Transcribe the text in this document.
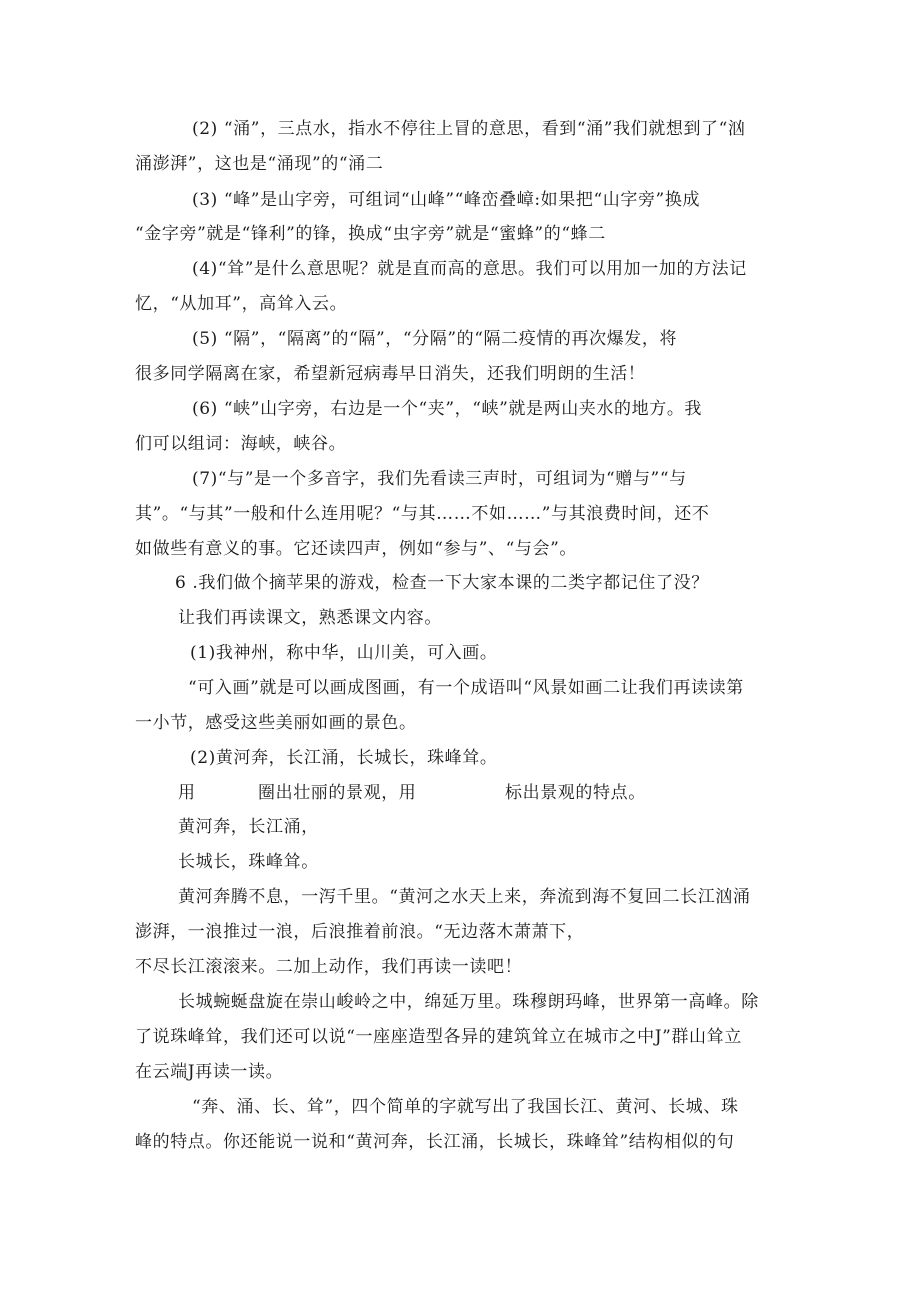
(2) “涌”，三点水，指水不停往上冒的意思，看到“涌”我们就想到了“汹
涌澎湃”，这也是“涌现”的“涌二
(3) “峰”是山字旁，可组词“山峰”“峰峦叠嶂:如果把“山字旁”换成
“金字旁”就是“锋利”的锋，换成“虫字旁”就是“蜜蜂”的“蜂二
(4)“耸”是什么意思呢？就是直而高的意思。我们可以用加一加的方法记
忆，“从加耳”，高耸入云。
(5) “隔”，“隔离”的“隔”，“分隔”的“隔二疫情的再次爆发，将
很多同学隔离在家，希望新冠病毒早日消失，还我们明朗的生活！
(6) “峡”山字旁，右边是一个“夹”，“峡”就是两山夹水的地方。我
们可以组词：海峡，峡谷。
(7)“与”是一个多音字，我们先看读三声时，可组词为“赠与”“与
其”。“与其”一般和什么连用呢？“与其……不如……”与其浪费时间，还不
如做些有意义的事。它还读四声，例如“参与”、“与会”。
6 .我们做个摘苹果的游戏，检查一下大家本课的二类字都记住了没？
让我们再读课文，熟悉课文内容。
(1)我神州，称中华，山川美，可入画。
“可入画”就是可以画成图画，有一个成语叫“风景如画二让我们再读读第
一小节，感受这些美丽如画的景色。
(2)黄河奔，长江涌，长城长，珠峰耸。
用	圈出壮丽的景观，用	标出景观的特点。
黄河奔，长江涌，
长城长，珠峰耸。
黄河奔腾不息，一泻千里。“黄河之水天上来，奔流到海不复回二长江汹涌
澎湃，一浪推过一浪，后浪推着前浪。“无边落木萧萧下，
不尽长江滚滚来。二加上动作，我们再读一读吧！
长城蜿蜒盘旋在崇山峻岭之中，绵延万里。珠穆朗玛峰，世界第一高峰。除
了说珠峰耸，我们还可以说“一座座造型各异的建筑耸立在城市之中J”群山耸立
在云端J再读一读。
“奔、涌、长、耸”，四个简单的字就写出了我国长江、黄河、长城、珠
峰的特点。你还能说一说和“黄河奔，长江涌，长城长，珠峰耸”结构相似的句
